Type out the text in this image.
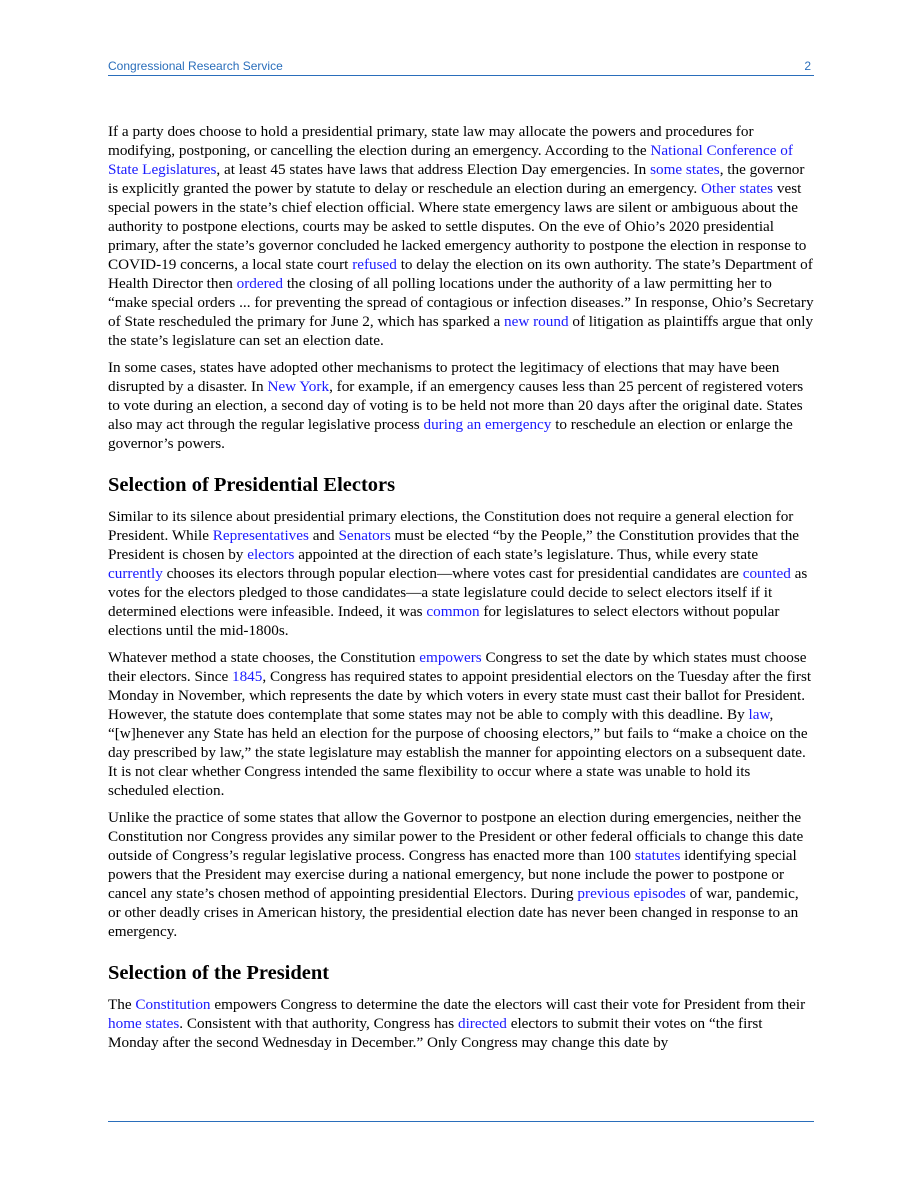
Congressional Research Service	2

If a party does choose to hold a presidential primary, state law may allocate the powers and procedures for modifying, postponing, or cancelling the election during an emergency. According to the National Conference of State Legislatures, at least 45 states have laws that address Election Day emergencies. In some states, the governor is explicitly granted the power by statute to delay or reschedule an election during an emergency. Other states vest special powers in the state’s chief election official. Where state emergency laws are silent or ambiguous about the authority to postpone elections, courts may be asked to settle disputes. On the eve of Ohio’s 2020 presidential primary, after the state’s governor concluded he lacked emergency authority to postpone the election in response to COVID-19 concerns, a local state court refused to delay the election on its own authority. The state’s Department of Health Director then ordered the closing of all polling locations under the authority of a law permitting her to “make special orders ... for preventing the spread of contagious or infection diseases.” In response, Ohio’s Secretary of State rescheduled the primary for June 2, which has sparked a new round of litigation as plaintiffs argue that only the state’s legislature can set an election date.

In some cases, states have adopted other mechanisms to protect the legitimacy of elections that may have been disrupted by a disaster. In New York, for example, if an emergency causes less than 25 percent of registered voters to vote during an election, a second day of voting is to be held not more than 20 days after the original date. States also may act through the regular legislative process during an emergency to reschedule an election or enlarge the governor’s powers.

Selection of Presidential Electors

Similar to its silence about presidential primary elections, the Constitution does not require a general election for President. While Representatives and Senators must be elected “by the People,” the Constitution provides that the President is chosen by electors appointed at the direction of each state’s legislature. Thus, while every state currently chooses its electors through popular election—where votes cast for presidential candidates are counted as votes for the electors pledged to those candidates—a state legislature could decide to select electors itself if it determined elections were infeasible. Indeed, it was common for legislatures to select electors without popular elections until the mid-1800s.

Whatever method a state chooses, the Constitution empowers Congress to set the date by which states must choose their electors. Since 1845, Congress has required states to appoint presidential electors on the Tuesday after the first Monday in November, which represents the date by which voters in every state must cast their ballot for President. However, the statute does contemplate that some states may not be able to comply with this deadline. By law, “[w]henever any State has held an election for the purpose of choosing electors,” but fails to “make a choice on the day prescribed by law,” the state legislature may establish the manner for appointing electors on a subsequent date. It is not clear whether Congress intended the same flexibility to occur where a state was unable to hold its scheduled election.

Unlike the practice of some states that allow the Governor to postpone an election during emergencies, neither the Constitution nor Congress provides any similar power to the President or other federal officials to change this date outside of Congress’s regular legislative process. Congress has enacted more than 100 statutes identifying special powers that the President may exercise during a national emergency, but none include the power to postpone or cancel any state’s chosen method of appointing presidential Electors. During previous episodes of war, pandemic, or other deadly crises in American history, the presidential election date has never been changed in response to an emergency.

Selection of the President

The Constitution empowers Congress to determine the date the electors will cast their vote for President from their home states. Consistent with that authority, Congress has directed electors to submit their votes on “the first Monday after the second Wednesday in December.” Only Congress may change this date by
